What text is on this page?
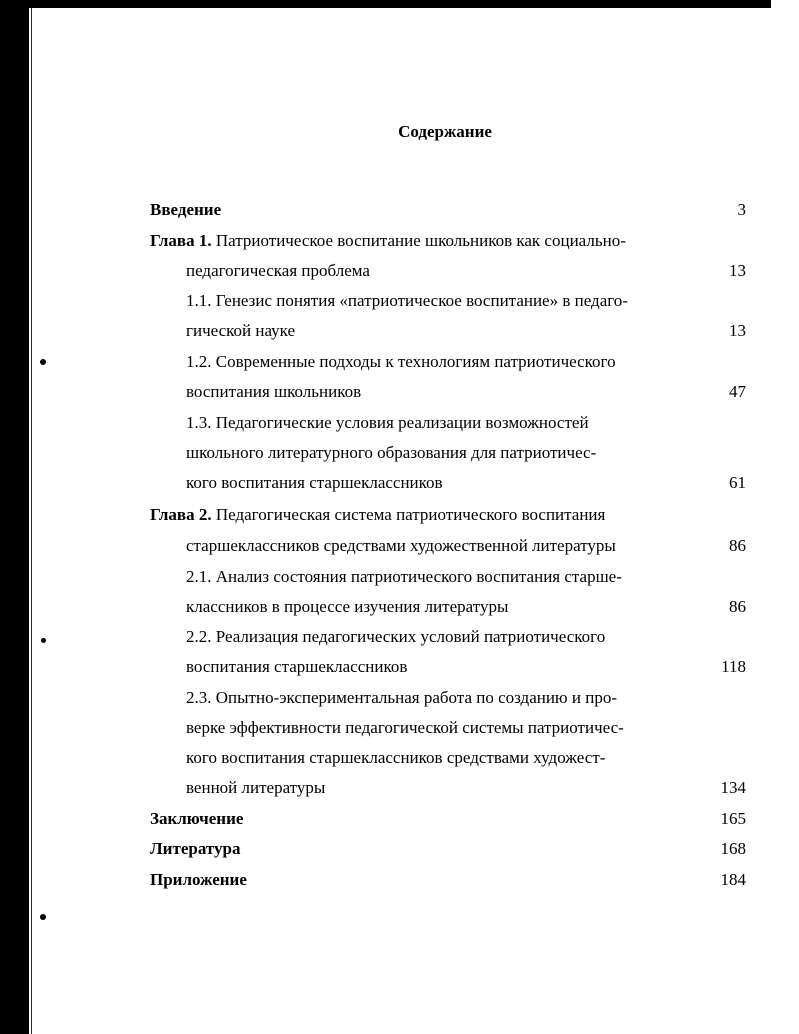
Содержание
Введение	3
Глава 1. Патриотическое воспитание школьников как социально-
педагогическая проблема	13
1.1. Генезис понятия «патриотическое воспитание» в педаго-
гической науке	13
1.2. Современные подходы к технологиям патриотического
воспитания школьников	47
1.3. Педагогические условия реализации возможностей
школьного литературного образования для патриотичес-
кого воспитания старшеклассников	61
Глава 2. Педагогическая система патриотического воспитания
старшеклассников средствами художественной литературы	86
2.1. Анализ состояния патриотического воспитания старше-
классников в процессе изучения литературы	86
2.2. Реализация педагогических условий патриотического
воспитания старшеклассников	118
2.3. Опытно-экспериментальная работа по созданию и про-
верке эффективности педагогической системы патриотичес-
кого воспитания старшеклассников средствами художест-
венной литературы	134
Заключение	165
Литература	168
Приложение	184
